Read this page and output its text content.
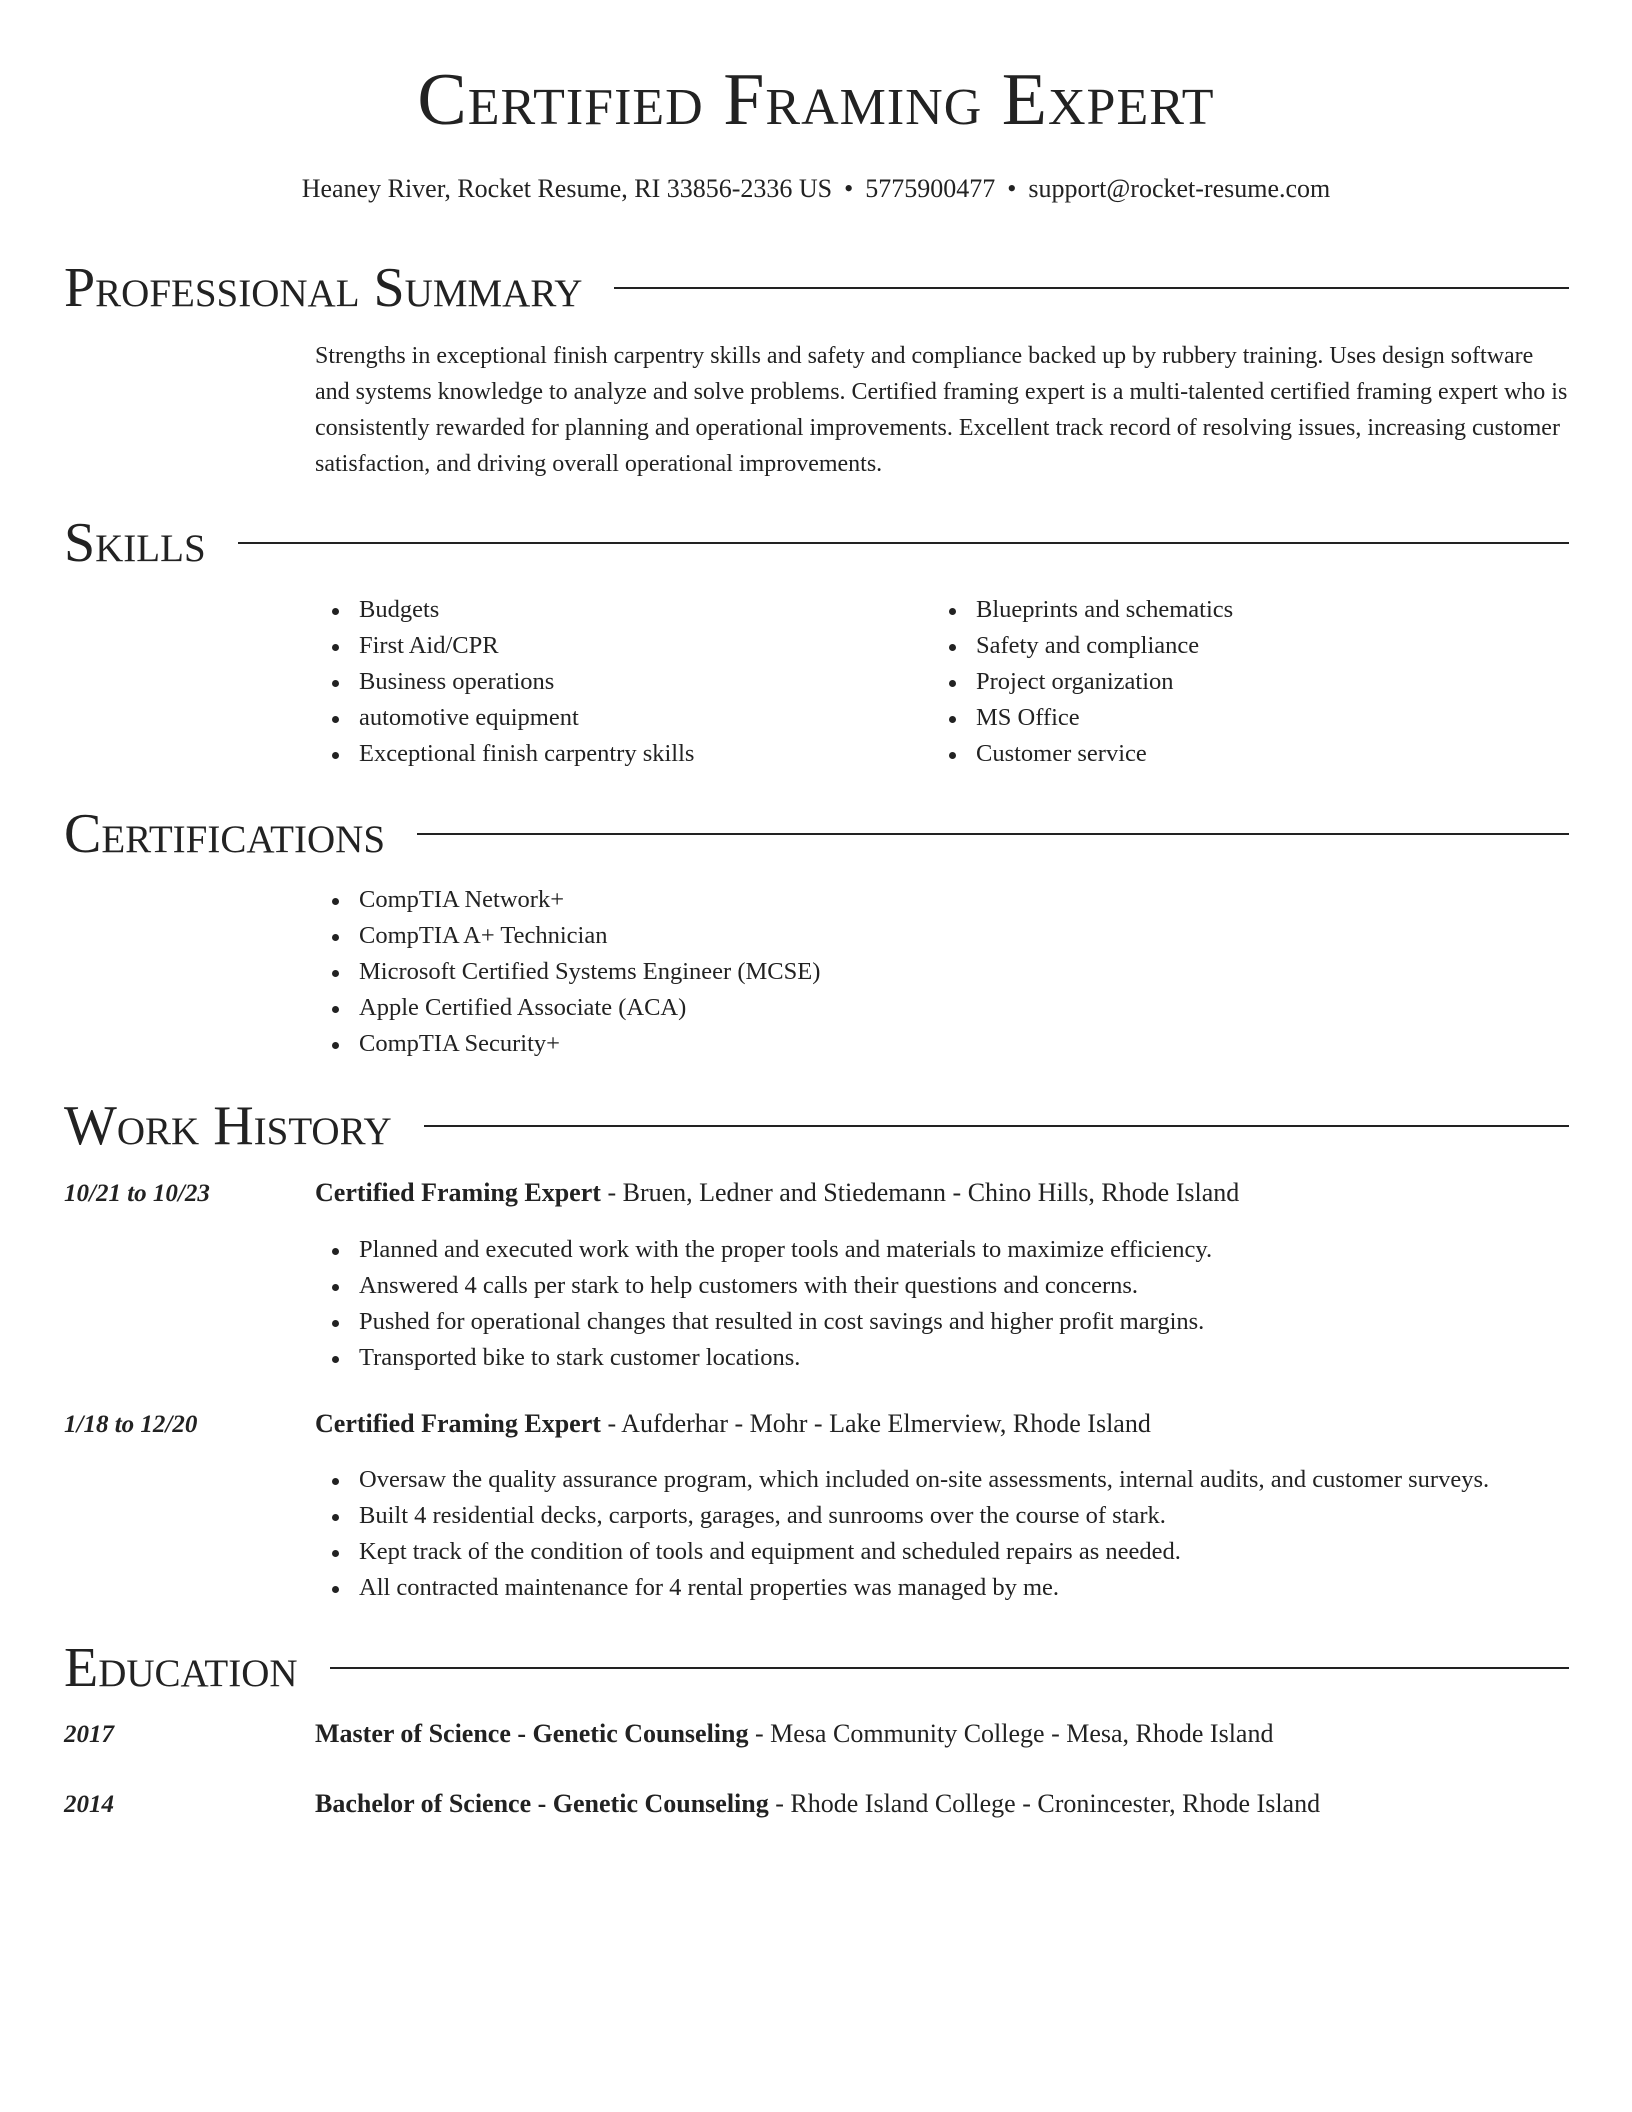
Certified Framing Expert
Heaney River, Rocket Resume, RI 33856-2336 US • 5775900477 • support@rocket-resume.com
Professional Summary
Strengths in exceptional finish carpentry skills and safety and compliance backed up by rubbery training. Uses design software and systems knowledge to analyze and solve problems. Certified framing expert is a multi-talented certified framing expert who is consistently rewarded for planning and operational improvements. Excellent track record of resolving issues, increasing customer satisfaction, and driving overall operational improvements.
Skills
Budgets
First Aid/CPR
Business operations
automotive equipment
Exceptional finish carpentry skills
Blueprints and schematics
Safety and compliance
Project organization
MS Office
Customer service
Certifications
CompTIA Network+
CompTIA A+ Technician
Microsoft Certified Systems Engineer (MCSE)
Apple Certified Associate (ACA)
CompTIA Security+
Work History
10/21 to 10/23	Certified Framing Expert - Bruen, Ledner and Stiedemann - Chino Hills, Rhode Island
Planned and executed work with the proper tools and materials to maximize efficiency.
Answered 4 calls per stark to help customers with their questions and concerns.
Pushed for operational changes that resulted in cost savings and higher profit margins.
Transported bike to stark customer locations.
1/18 to 12/20	Certified Framing Expert - Aufderhar - Mohr - Lake Elmerview, Rhode Island
Oversaw the quality assurance program, which included on-site assessments, internal audits, and customer surveys.
Built 4 residential decks, carports, garages, and sunrooms over the course of stark.
Kept track of the condition of tools and equipment and scheduled repairs as needed.
All contracted maintenance for 4 rental properties was managed by me.
Education
2017	Master of Science - Genetic Counseling - Mesa Community College - Mesa, Rhode Island
2014	Bachelor of Science - Genetic Counseling - Rhode Island College - Cronincester, Rhode Island
